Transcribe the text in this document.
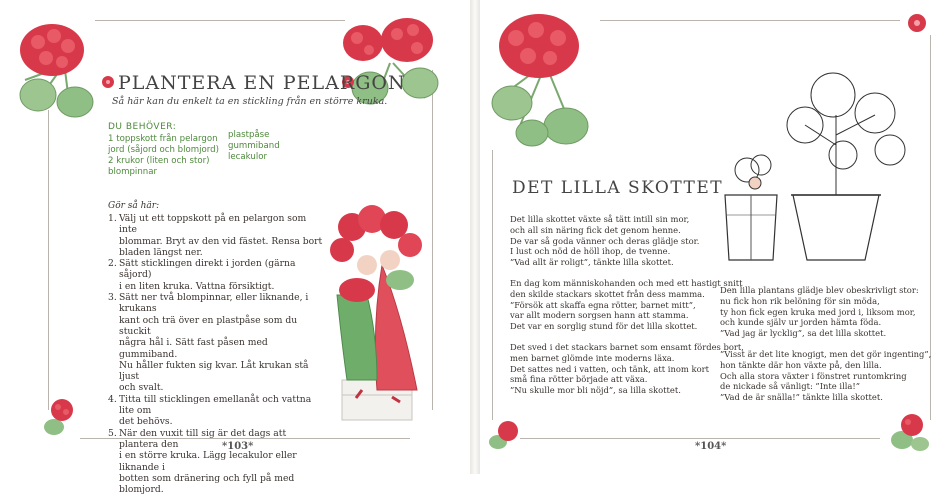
PLANTERA EN PELARGON
Så här kan du enkelt ta en stickling från en större kruka.
DU BEHÖVER:
1 toppskott från pelargon
jord (såjord och blomjord)
2 krukor (liten och stor)
blompinnar
plastpåse
gummiband
lecakulor
Gör så här:
1. Välj ut ett toppskott på en pelargon som inte
blommar. Bryt av den vid fästet. Rensa bort
bladen längst ner.
2. Sätt sticklingen direkt i jorden (gärna såjord)
i en liten kruka. Vattna försiktigt.
3. Sätt ner två blompinnar, eller liknande, i krukans
kant och trä över en plastpåse som du stuckit
några hål i. Sätt fast påsen med gummiband.
Nu håller fukten sig kvar. Låt krukan stå ljust
och svalt.
4. Titta till sticklingen emellanåt och vattna lite om
det behövs.
5. När den vuxit till sig är det dags att plantera den
i en större kruka. Lägg lecakulor eller liknande i
botten som dränering och fyll på med blomjord.
*103*
DET LILLA SKOTTET
Det lilla skottet växte så tätt intill sin mor,
och all sin näring fick det genom henne.
De var så goda vänner och deras glädje stor.
I lust och nöd de höll ihop, de tvenne.
”Vad allt är roligt”, tänkte lilla skottet.
En dag kom människohanden och med ett hastigt snitt
den skilde stackars skottet från dess mamma.
”Försök att skaffa egna rötter, barnet mitt”,
var allt modern sorgsen hann att stamma.
Det var en sorglig stund för det lilla skottet.
Det sved i det stackars barnet som ensamt fördes bort,
men barnet glömde inte moderns läxa.
Det sattes ned i vatten, och tänk, att inom kort
små fina rötter började att växa.
”Nu skulle mor bli nöjd”, sa lilla skottet.
Den lilla plantans glädje blev obeskrivligt stor:
nu fick hon rik belöning för sin möda,
ty hon fick egen kruka med jord i, liksom mor,
och kunde själv ur jorden hämta föda.
”Vad jag är lycklig”, sa det lilla skottet.
”Visst är det lite knogigt, men det gör ingenting”,
hon tänkte där hon växte på, den lilla.
Och alla stora växter i fönstret runtomkring
de nickade så vänligt: ”Inte illa!”
”Vad de är snälla!” tänkte lilla skottet.
*104*
